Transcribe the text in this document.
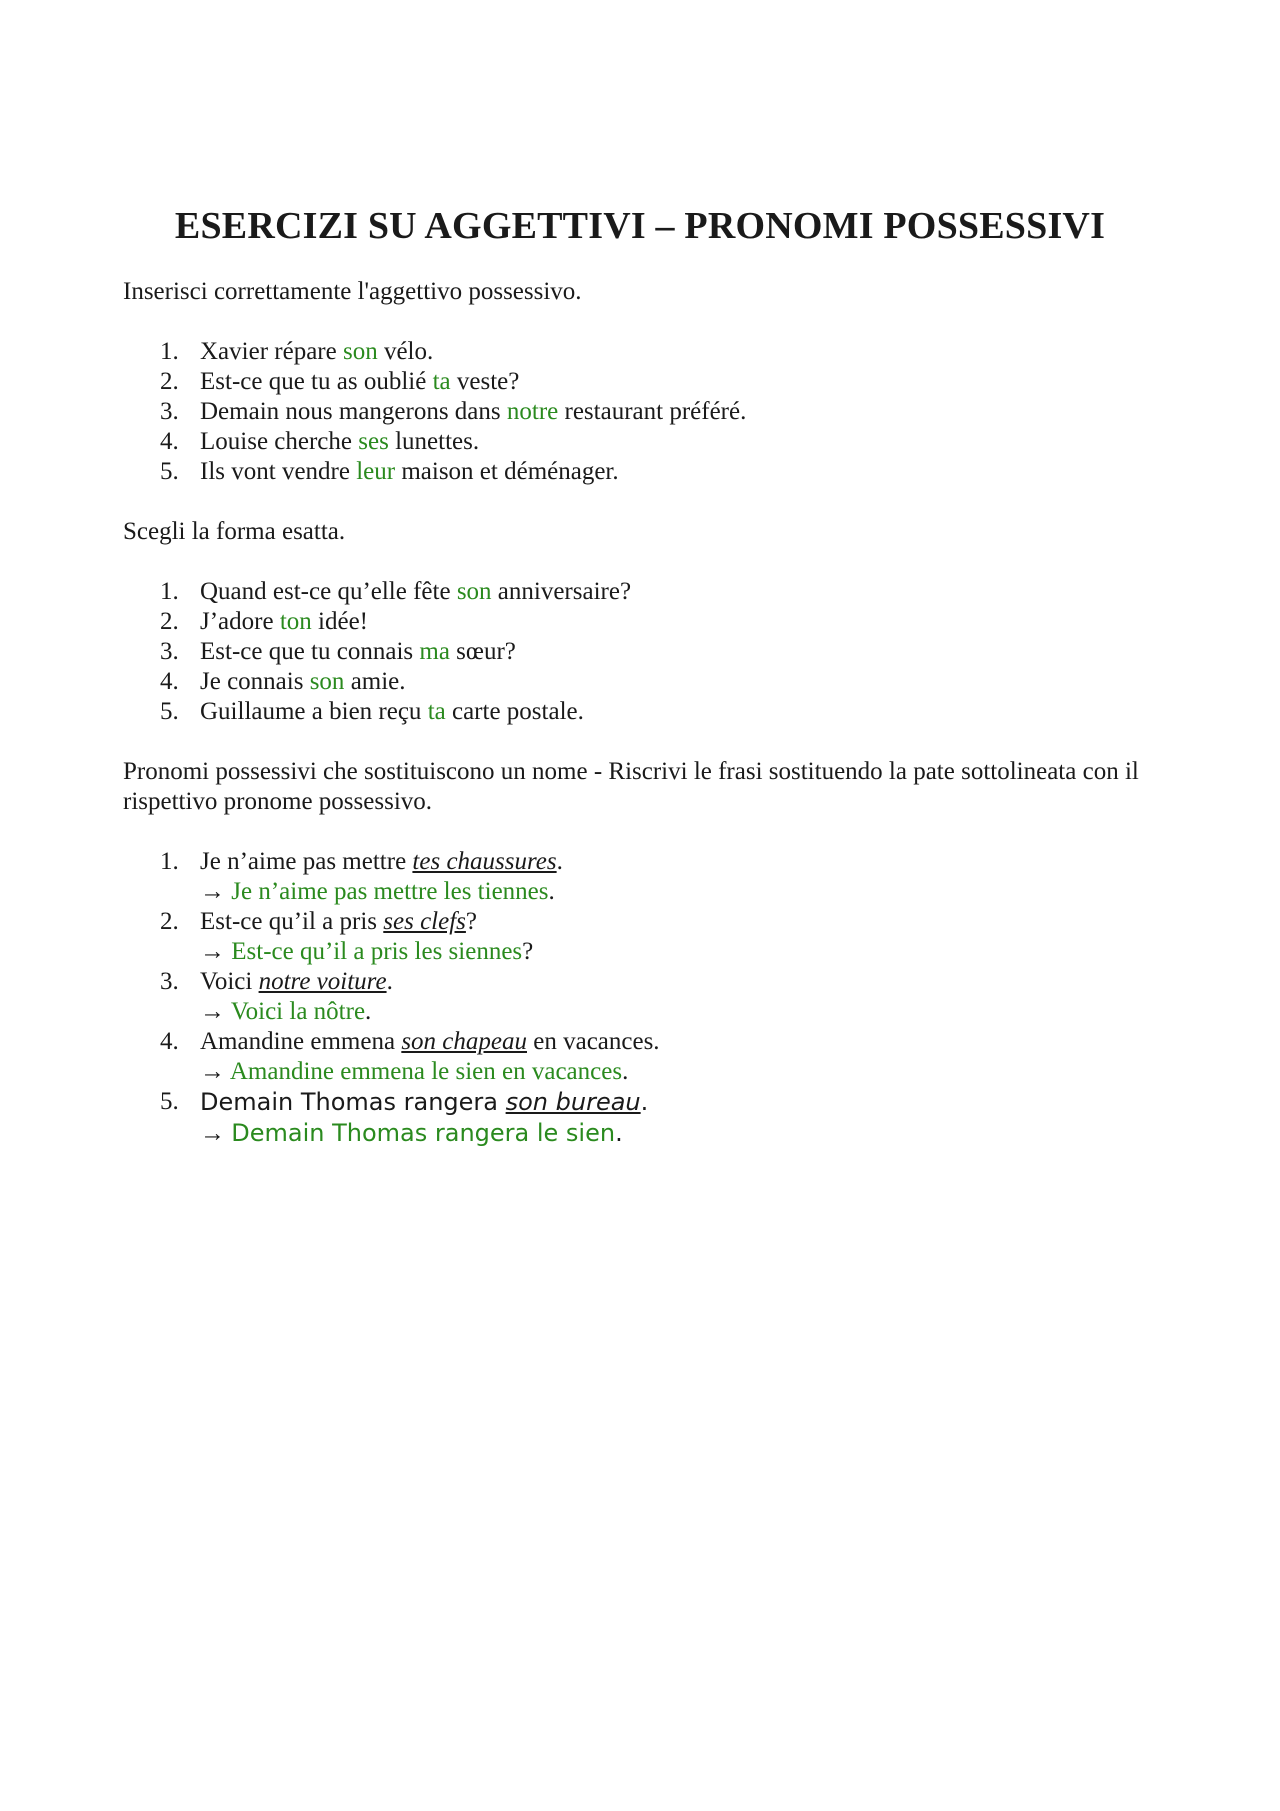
ESERCIZI SU AGGETTIVI – PRONOMI POSSESSIVI

Inserisci correttamente l'aggettivo possessivo.

1. Xavier répare son vélo.
2. Est-ce que tu as oublié ta veste?
3. Demain nous mangerons dans notre restaurant préféré.
4. Louise cherche ses lunettes.
5. Ils vont vendre leur maison et déménager.

Scegli la forma esatta.

1. Quand est-ce qu’elle fête son anniversaire?
2. J’adore ton idée!
3. Est-ce que tu connais ma sœur?
4. Je connais son amie.
5. Guillaume a bien reçu ta carte postale.

Pronomi possessivi che sostituiscono un nome - Riscrivi le frasi sostituendo la pate sottolineata con il rispettivo pronome possessivo.

1. Je n’aime pas mettre tes chaussures.
→ Je n’aime pas mettre les tiennes.
2. Est-ce qu’il a pris ses clefs?
→ Est-ce qu’il a pris les siennes?
3. Voici notre voiture.
→ Voici la nôtre.
4. Amandine emmena son chapeau en vacances.
→ Amandine emmena le sien en vacances.
5. Demain Thomas rangera son bureau.
→ Demain Thomas rangera le sien.
